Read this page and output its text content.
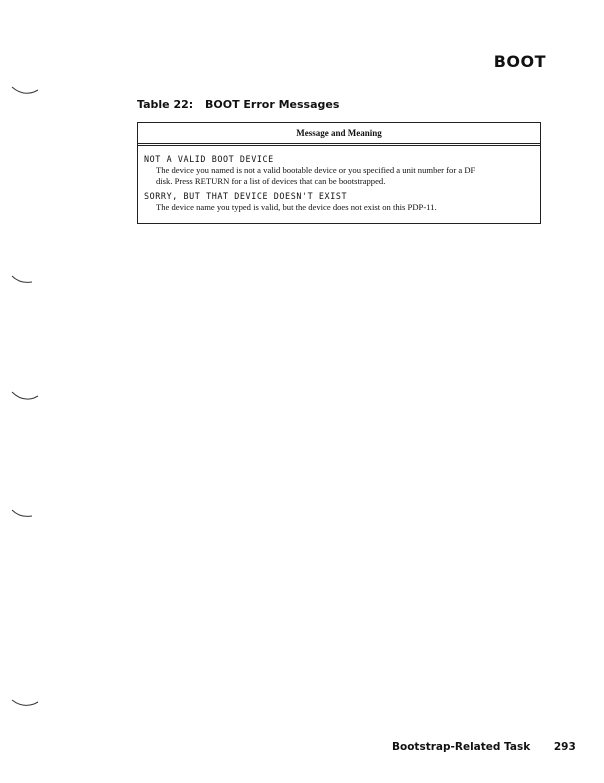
BOOT
Table 22: BOOT Error Messages
Message and Meaning
NOT A VALID BOOT DEVICE
The device you named is not a valid bootable device or you specified a unit number for a DF
disk. Press RETURN for a list of devices that can be bootstrapped.
SORRY, BUT THAT DEVICE DOESN'T EXIST
The device name you typed is valid, but the device does not exist on this PDP-11.
Bootstrap-Related Task 293
